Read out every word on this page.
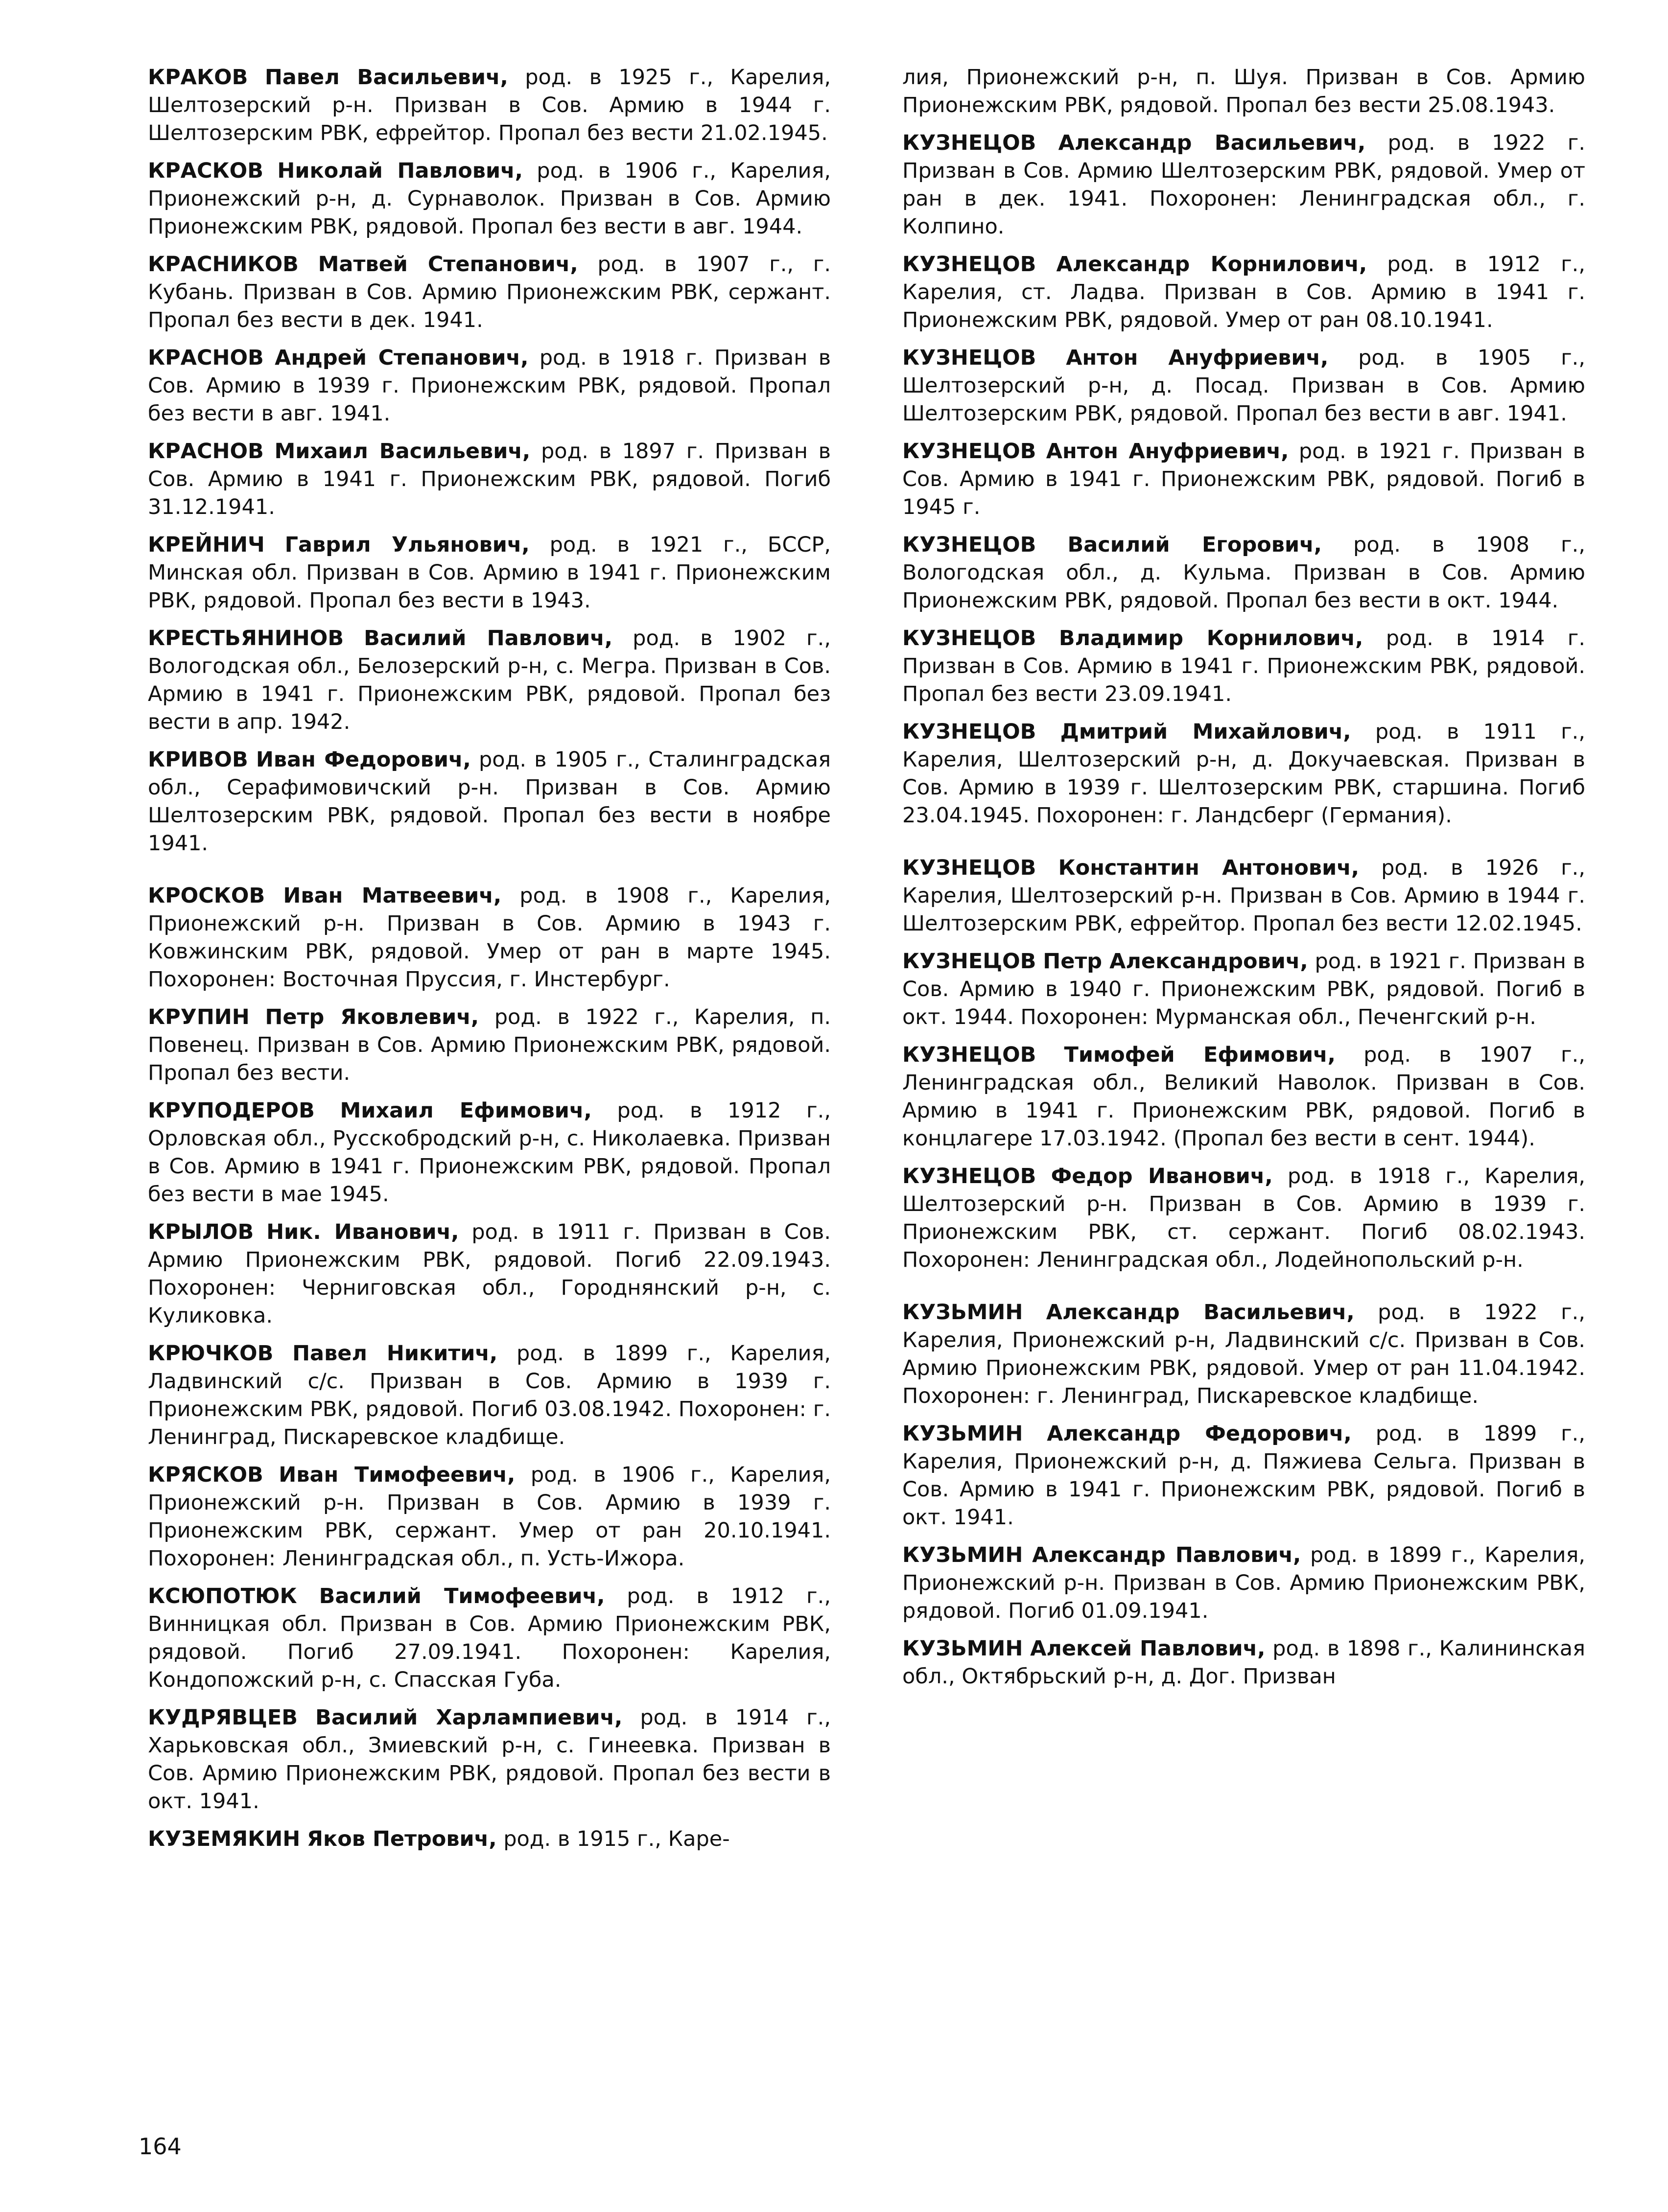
КРАКОВ Павел Васильевич, род. в 1925 г., Карелия, Шелтозерский р-н. Призван в Сов. Армию в 1944 г. Шелтозерским РВК, ефрейтор. Пропал без вести 21.02.1945.

КРАСКОВ Николай Павлович, род. в 1906 г., Карелия, Прионежский р-н, д. Сурнаволок. Призван в Сов. Армию Прионежским РВК, рядовой. Пропал без вести в авг. 1944.

КРАСНИКОВ Матвей Степанович, род. в 1907 г., г. Кубань. Призван в Сов. Армию Прионежским РВК, сержант. Пропал без вести в дек. 1941.

КРАСНОВ Андрей Степанович, род. в 1918 г. Призван в Сов. Армию в 1939 г. Прионежским РВК, рядовой. Пропал без вести в авг. 1941.

КРАСНОВ Михаил Васильевич, род. в 1897 г. Призван в Сов. Армию в 1941 г. Прионежским РВК, рядовой. Погиб 31.12.1941.

КРЕЙНИЧ Гаврил Ульянович, род. в 1921 г., БССР, Минская обл. Призван в Сов. Армию в 1941 г. Прионежским РВК, рядовой. Пропал без вести в 1943.

КРЕСТЬЯНИНОВ Василий Павлович, род. в 1902 г., Вологодская обл., Белозерский р-н, с. Мегра. Призван в Сов. Армию в 1941 г. Прионежским РВК, рядовой. Пропал без вести в апр. 1942.

КРИВОВ Иван Федорович, род. в 1905 г., Сталинградская обл., Серафимовичский р-н. Призван в Сов. Армию Шелтозерским РВК, рядовой. Пропал без вести в ноябре 1941.

КРОСКОВ Иван Матвеевич, род. в 1908 г., Карелия, Прионежский р-н. Призван в Сов. Армию в 1943 г. Ковжинским РВК, рядовой. Умер от ран в марте 1945. Похоронен: Восточная Пруссия, г. Инстербург.

КРУПИН Петр Яковлевич, род. в 1922 г., Карелия, п. Повенец. Призван в Сов. Армию Прионежским РВК, рядовой. Пропал без вести.

КРУПОДЕРОВ Михаил Ефимович, род. в 1912 г., Орловская обл., Русскобродский р-н, с. Николаевка. Призван в Сов. Армию в 1941 г. Прионежским РВК, рядовой. Пропал без вести в мае 1945.

КРЫЛОВ Ник. Иванович, род. в 1911 г. Призван в Сов. Армию Прионежским РВК, рядовой. Погиб 22.09.1943. Похоронен: Черниговская обл., Городнянский р-н, с. Куликовка.

КРЮЧКОВ Павел Никитич, род. в 1899 г., Карелия, Ладвинский с/с. Призван в Сов. Армию в 1939 г. Прионежским РВК, рядовой. Погиб 03.08.1942. Похоронен: г. Ленинград, Пискаревское кладбище.

КРЯСКОВ Иван Тимофеевич, род. в 1906 г., Карелия, Прионежский р-н. Призван в Сов. Армию в 1939 г. Прионежским РВК, сержант. Умер от ран 20.10.1941. Похоронен: Ленинградская обл., п. Усть-Ижора.

КСЮПОТЮК Василий Тимофеевич, род. в 1912 г., Винницкая обл. Призван в Сов. Армию Прионежским РВК, рядовой. Погиб 27.09.1941. Похоронен: Карелия, Кондопожский р-н, с. Спасская Губа.

КУДРЯВЦЕВ Василий Харлампиевич, род. в 1914 г., Харьковская обл., Змиевский р-н, с. Гинеевка. Призван в Сов. Армию Прионежским РВК, рядовой. Пропал без вести в окт. 1941.

КУЗЕМЯКИН Яков Петрович, род. в 1915 г., Каре-

лия, Прионежский р-н, п. Шуя. Призван в Сов. Армию Прионежским РВК, рядовой. Пропал без вести 25.08.1943.

КУЗНЕЦОВ Александр Васильевич, род. в 1922 г. Призван в Сов. Армию Шелтозерским РВК, рядовой. Умер от ран в дек. 1941. Похоронен: Ленинградская обл., г. Колпино.

КУЗНЕЦОВ Александр Корнилович, род. в 1912 г., Карелия, ст. Ладва. Призван в Сов. Армию в 1941 г. Прионежским РВК, рядовой. Умер от ран 08.10.1941.

КУЗНЕЦОВ Антон Ануфриевич, род. в 1905 г., Шелтозерский р-н, д. Посад. Призван в Сов. Армию Шелтозерским РВК, рядовой. Пропал без вести в авг. 1941.

КУЗНЕЦОВ Антон Ануфриевич, род. в 1921 г. Призван в Сов. Армию в 1941 г. Прионежским РВК, рядовой. Погиб в 1945 г.

КУЗНЕЦОВ Василий Егорович, род. в 1908 г., Вологодская обл., д. Кульма. Призван в Сов. Армию Прионежским РВК, рядовой. Пропал без вести в окт. 1944.

КУЗНЕЦОВ Владимир Корнилович, род. в 1914 г. Призван в Сов. Армию в 1941 г. Прионежским РВК, рядовой. Пропал без вести 23.09.1941.

КУЗНЕЦОВ Дмитрий Михайлович, род. в 1911 г., Карелия, Шелтозерский р-н, д. Докучаевская. Призван в Сов. Армию в 1939 г. Шелтозерским РВК, старшина. Погиб 23.04.1945. Похоронен: г. Ландсберг (Германия).

КУЗНЕЦОВ Константин Антонович, род. в 1926 г., Карелия, Шелтозерский р-н. Призван в Сов. Армию в 1944 г. Шелтозерским РВК, ефрейтор. Пропал без вести 12.02.1945.

КУЗНЕЦОВ Петр Александрович, род. в 1921 г. Призван в Сов. Армию в 1940 г. Прионежским РВК, рядовой. Погиб в окт. 1944. Похоронен: Мурманская обл., Печенгский р-н.

КУЗНЕЦОВ Тимофей Ефимович, род. в 1907 г., Ленинградская обл., Великий Наволок. Призван в Сов. Армию в 1941 г. Прионежским РВК, рядовой. Погиб в концлагере 17.03.1942. (Пропал без вести в сент. 1944).

КУЗНЕЦОВ Федор Иванович, род. в 1918 г., Карелия, Шелтозерский р-н. Призван в Сов. Армию в 1939 г. Прионежским РВК, ст. сержант. Погиб 08.02.1943. Похоронен: Ленинградская обл., Лодейнопольский р-н.

КУЗЬМИН Александр Васильевич, род. в 1922 г., Карелия, Прионежский р-н, Ладвинский с/с. Призван в Сов. Армию Прионежским РВК, рядовой. Умер от ран 11.04.1942. Похоронен: г. Ленинград, Пискаревское кладбище.

КУЗЬМИН Александр Федорович, род. в 1899 г., Карелия, Прионежский р-н, д. Пяжиева Сельга. Призван в Сов. Армию в 1941 г. Прионежским РВК, рядовой. Погиб в окт. 1941.

КУЗЬМИН Александр Павлович, род. в 1899 г., Карелия, Прионежский р-н. Призван в Сов. Армию Прионежским РВК, рядовой. Погиб 01.09.1941.

КУЗЬМИН Алексей Павлович, род. в 1898 г., Калининская обл., Октябрьский р-н, д. Дог. Призван

164
